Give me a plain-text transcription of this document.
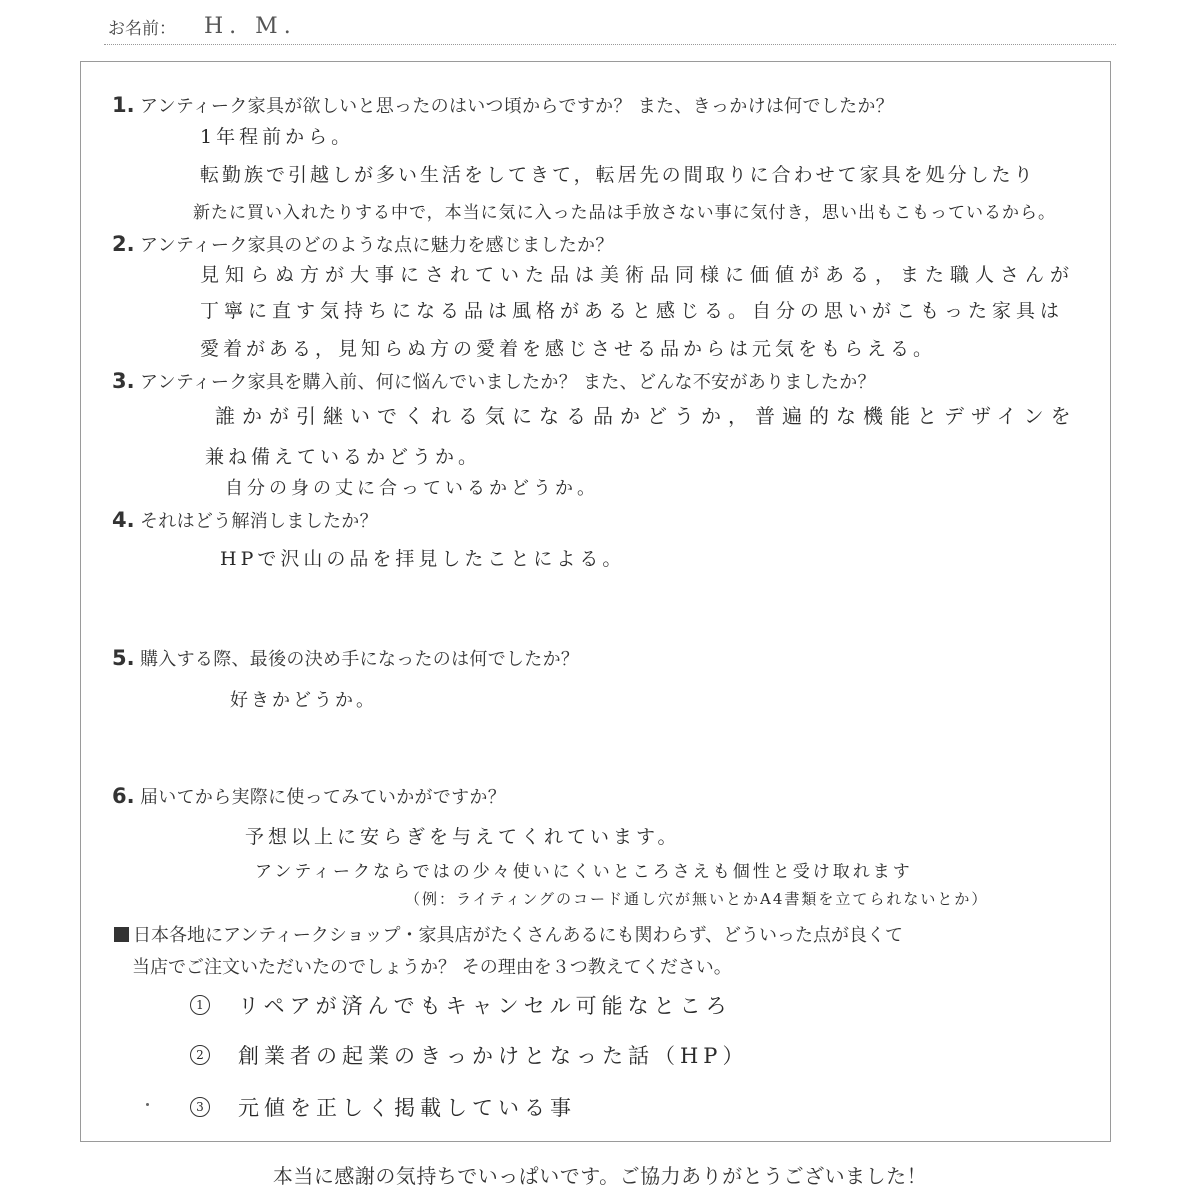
お名前： H. M.
1. アンティーク家具が欲しいと思ったのはいつ頃からですか？ また、きっかけは何でしたか？
1年程前から。
転勤族で引越しが多い生活をしてきて，転居先の間取りに合わせて家具を処分したり
新たに買い入れたりする中で，本当に気に入った品は手放さない事に気付き，思い出もこもっているから。
2. アンティーク家具のどのような点に魅力を感じましたか？
見知らぬ方が大事にされていた品は美術品同様に価値がある，また職人さんが
丁寧に直す気持ちになる品は風格があると感じる。自分の思いがこもった家具は
愛着がある，見知らぬ方の愛着を感じさせる品からは元気をもらえる。
3. アンティーク家具を購入前、何に悩んでいましたか？ また、どんな不安がありましたか？
誰かが引継いでくれる気になる品かどうか，普遍的な機能とデザインを
兼ね備えているかどうか。
自分の身の丈に合っているかどうか。
4. それはどう解消しましたか？
HPで沢山の品を拝見したことによる。
5. 購入する際、最後の決め手になったのは何でしたか？
好きかどうか。
6. 届いてから実際に使ってみていかがですか？
予想以上に安らぎを与えてくれています。
アンティークならではの少々使いにくいところさえも個性と受け取れます
（例：ライティングのコード通し穴が無いとかA4書類を立てられないとか）
日本各地にアンティークショップ・家具店がたくさんあるにも関わらず、どういった点が良くて
当店でご注文いただいたのでしょうか？ その理由を３つ教えてください。
1 リペアが済んでもキャンセル可能なところ
2 創業者の起業のきっかけとなった話（HP）
3 元値を正しく掲載している事
本当に感謝の気持ちでいっぱいです。ご協力ありがとうございました！
